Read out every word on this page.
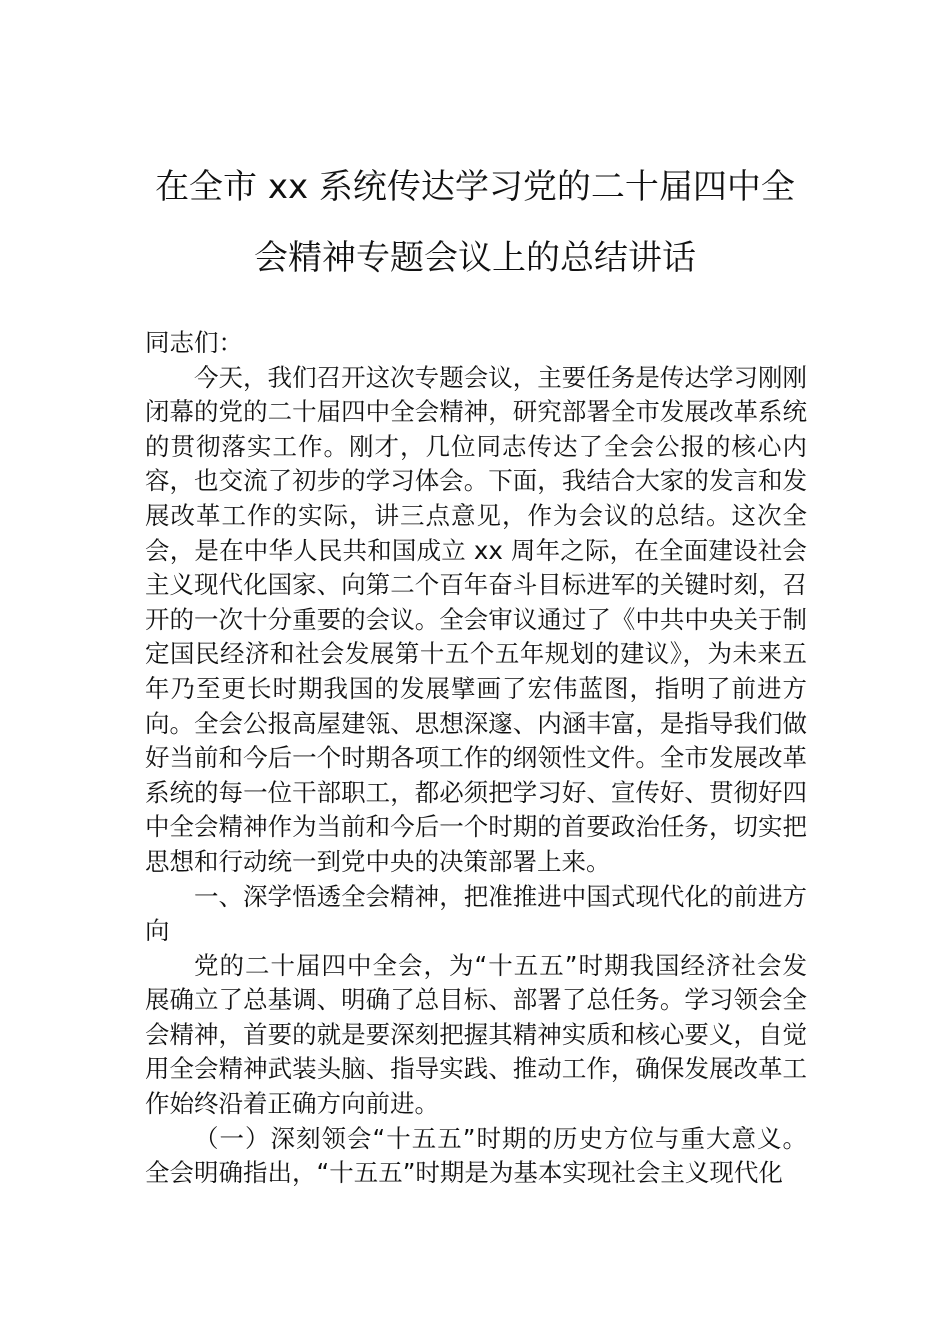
在全市 xx 系统传达学习党的二十届四中全
会精神专题会议上的总结讲话

同志们：

今天，我们召开这次专题会议，主要任务是传达学习刚刚闭幕的党的二十届四中全会精神，研究部署全市发展改革系统的贯彻落实工作。刚才，几位同志传达了全会公报的核心内容，也交流了初步的学习体会。下面，我结合大家的发言和发展改革工作的实际，讲三点意见，作为会议的总结。这次全会，是在中华人民共和国成立 xx 周年之际，在全面建设社会主义现代化国家、向第二个百年奋斗目标进军的关键时刻，召开的一次十分重要的会议。全会审议通过了《中共中央关于制定国民经济和社会发展第十五个五年规划的建议》，为未来五年乃至更长时期我国的发展擘画了宏伟蓝图，指明了前进方向。全会公报高屋建瓴、思想深邃、内涵丰富，是指导我们做好当前和今后一个时期各项工作的纲领性文件。全市发展改革系统的每一位干部职工，都必须把学习好、宣传好、贯彻好四中全会精神作为当前和今后一个时期的首要政治任务，切实把思想和行动统一到党中央的决策部署上来。

一、深学悟透全会精神，把准推进中国式现代化的前进方向

党的二十届四中全会，为“十五五”时期我国经济社会发展确立了总基调、明确了总目标、部署了总任务。学习领会全会精神，首要的就是要深刻把握其精神实质和核心要义，自觉用全会精神武装头脑、指导实践、推动工作，确保发展改革工作始终沿着正确方向前进。

（一）深刻领会“十五五”时期的历史方位与重大意义。全会明确指出，“十五五”时期是为基本实现社会主义现代化
